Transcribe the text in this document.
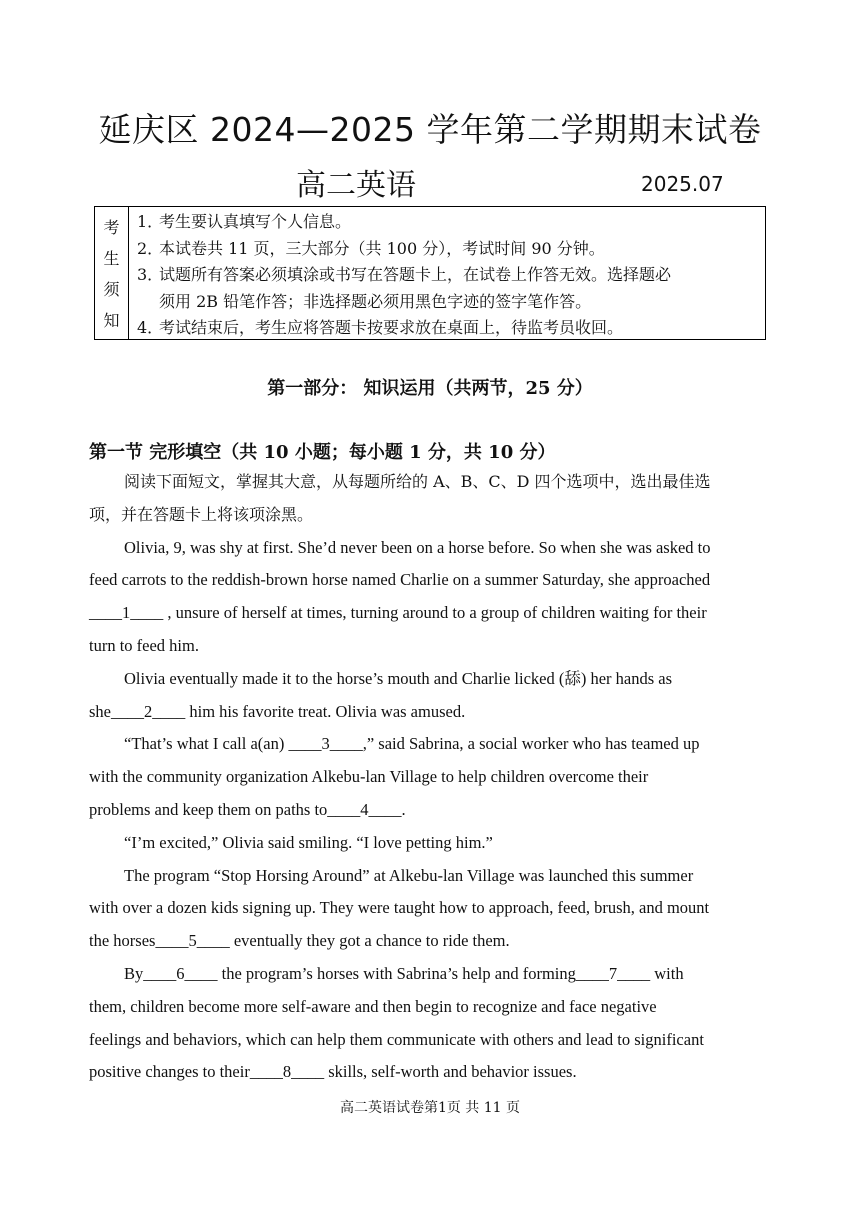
延庆区 2024—2025 学年第二学期期末试卷
高二英语	2025.07
考
生
须
知
1．考生要认真填写个人信息。
2．本试卷共 11 页，三大部分（共 100 分），考试时间 90 分钟。
3．试题所有答案必须填涂或书写在答题卡上，在试卷上作答无效。选择题必
须用 2B 铅笔作答；非选择题必须用黑色字迹的签字笔作答。
4．考试结束后，考生应将答题卡按要求放在桌面上，待监考员收回。
第一部分： 知识运用（共两节，25 分）
第一节 完形填空（共 10 小题；每小题 1 分，共 10 分）

阅读下面短文，掌握其大意，从每题所给的 A、B、C、D 四个选项中，选出最佳选
项，并在答题卡上将该项涂黑。

Olivia, 9, was shy at first. She’d never been on a horse before. So when she was asked to
feed carrots to the reddish-brown horse named Charlie on a summer Saturday, she approached
____1____ , unsure of herself at times, turning around to a group of children waiting for their
turn to feed him.

Olivia eventually made it to the horse’s mouth and Charlie licked (舔) her hands as
she____2____ him his favorite treat. Olivia was amused.

“That’s what I call a(an) ____3____,” said Sabrina, a social worker who has teamed up
with the community organization Alkebu-lan Village to help children overcome their
problems and keep them on paths to____4____.

“I’m excited,” Olivia said smiling. “I love petting him.”

The program “Stop Horsing Around” at Alkebu-lan Village was launched this summer
with over a dozen kids signing up. They were taught how to approach, feed, brush, and mount
the horses____5____ eventually they got a chance to ride them.

By____6____ the program’s horses with Sabrina’s help and forming____7____ with
them, children become more self-aware and then begin to recognize and face negative
feelings and behaviors, which can help them communicate with others and lead to significant
positive changes to their____8____ skills, self-worth and behavior issues.

高二英语试卷第1页 共 11 页
